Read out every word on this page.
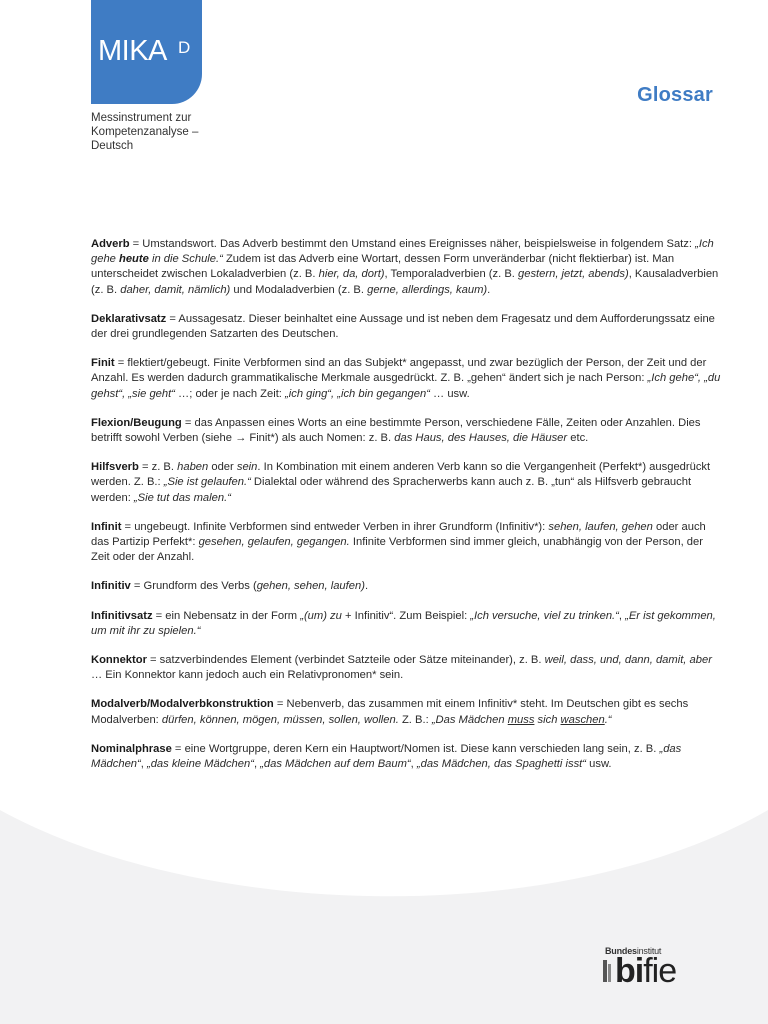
MIKA D
Messinstrument zur
Kompetenzanalyse –
Deutsch
Glossar

Adverb = Umstandswort. Das Adverb bestimmt den Umstand eines Ereignisses näher, beispielsweise in folgendem Satz: „Ich gehe heute in die Schule.“ Zudem ist das Adverb eine Wortart, dessen Form unveränderbar (nicht flektierbar) ist. Man unterscheidet zwischen Lokaladverbien (z. B. hier, da, dort), Temporaladverbien (z. B. gestern, jetzt, abends), Kausaladverbien (z. B. daher, damit, nämlich) und Modaladverbien (z. B. gerne, allerdings, kaum).

Deklarativsatz = Aussagesatz. Dieser beinhaltet eine Aussage und ist neben dem Fragesatz und dem Aufforderungssatz eine der drei grundlegenden Satzarten des Deutschen.

Finit = flektiert/gebeugt. Finite Verbformen sind an das Subjekt* angepasst, und zwar bezüglich der Person, der Zeit und der Anzahl. Es werden dadurch grammatikalische Merkmale ausgedrückt. Z. B. „gehen“ ändert sich je nach Person: „Ich gehe“, „du gehst“, „sie geht“ …; oder je nach Zeit: „ich ging“, „ich bin gegangen“ … usw.

Flexion/Beugung = das Anpassen eines Worts an eine bestimmte Person, verschiedene Fälle, Zeiten oder Anzahlen. Dies betrifft sowohl Verben (siehe → Finit*) als auch Nomen: z. B. das Haus, des Hauses, die Häuser etc.

Hilfsverb = z. B. haben oder sein. In Kombination mit einem anderen Verb kann so die Vergangenheit (Perfekt*) ausgedrückt werden. Z. B.: „Sie ist gelaufen.“ Dialektal oder während des Spracherwerbs kann auch z. B. „tun“ als Hilfsverb gebraucht werden: „Sie tut das malen.“

Infinit = ungebeugt. Infinite Verbformen sind entweder Verben in ihrer Grundform (Infinitiv*): sehen, laufen, gehen oder auch das Partizip Perfekt*: gesehen, gelaufen, gegangen. Infinite Verbformen sind immer gleich, unabhängig von der Person, der Zeit oder der Anzahl.

Infinitiv = Grundform des Verbs (gehen, sehen, laufen).

Infinitivsatz = ein Nebensatz in der Form „(um) zu + Infinitiv“. Zum Beispiel: „Ich versuche, viel zu trinken.“, „Er ist gekommen, um mit ihr zu spielen.“

Konnektor = satzverbindendes Element (verbindet Satzteile oder Sätze miteinander), z. B. weil, dass, und, dann, damit, aber … Ein Konnektor kann jedoch auch ein Relativpronomen* sein.

Modalverb/Modalverbkonstruktion = Nebenverb, das zusammen mit einem Infinitiv* steht. Im Deutschen gibt es sechs Modalverben: dürfen, können, mögen, müssen, sollen, wollen. Z. B.: „Das Mädchen muss sich waschen.“

Nominalphrase = eine Wortgruppe, deren Kern ein Hauptwort/Nomen ist. Diese kann verschieden lang sein, z. B. „das Mädchen“, „das kleine Mädchen“, „das Mädchen auf dem Baum“, „das Mädchen, das Spaghetti isst“ usw.

Bundesinstitut
bifie
